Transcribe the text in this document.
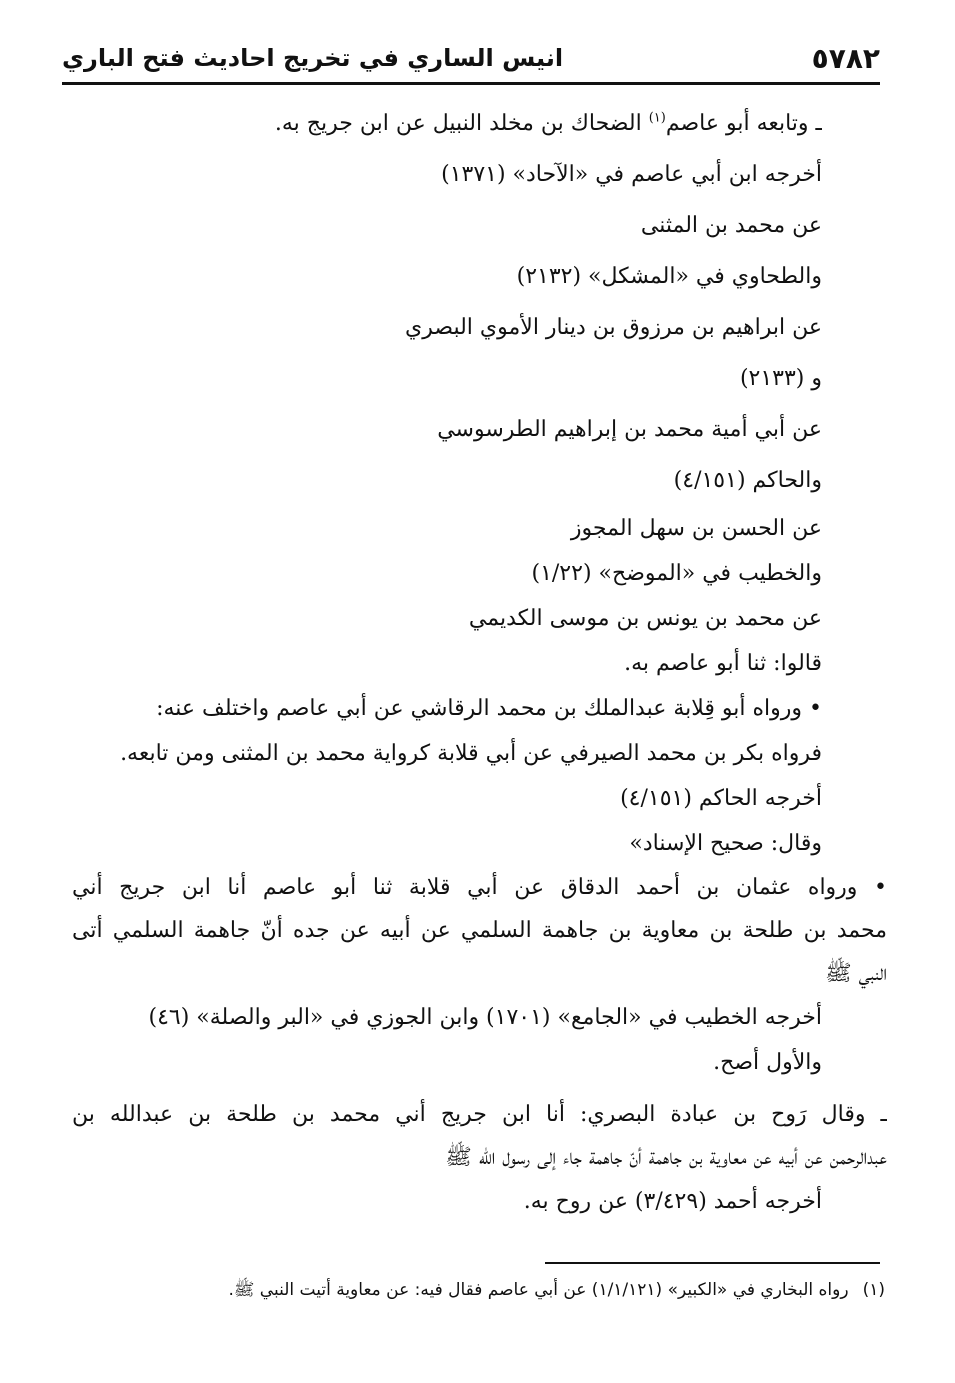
٥٧٨٢
انيس الساري في تخريج احاديث فتح الباري
ـ وتابعه أبو عاصم$^{(١)}$ الضحاك بن مخلد النبيل عن ابن جريج به.
أخرجه ابن أبي عاصم في «الآحاد» (١٣٧١)
عن محمد بن المثنى
والطحاوي في «المشكل» (٢١٣٢)
عن ابراهيم بن مرزوق بن دينار الأموي البصري
و (٢١٣٣)
عن أبي أمية محمد بن إبراهيم الطرسوسي
والحاكم (٤/١٥١)
عن الحسن بن سهل المجوز
والخطيب في «الموضح» (١/٢٢)
عن محمد بن يونس بن موسى الكديمي
قالوا: ثنا أبو عاصم به.
• ورواه أبو قِلابة عبدالملك بن محمد الرقاشي عن أبي عاصم واختلف عنه:
فرواه بكر بن محمد الصيرفي عن أبي قلابة كرواية محمد بن المثنى ومن تابعه.
أخرجه الحاكم (٤/١٥١)
وقال: صحيح الإسناد»
• ورواه عثمان بن أحمد الدقاق عن أبي قلابة ثنا أبو عاصم أنا ابن جريج أني
محمد بن طلحة بن معاوية بن جاهمة السلمي عن أبيه عن جده أنّ جاهمة السلمي أتى
النبي ﷺ
أخرجه الخطيب في «الجامع» (١٧٠١) وابن الجوزي في «البر والصلة» (٤٦)
والأول أصح.
ـ وقال رَوح بن عبادة البصري: أنا ابن جريج أني محمد بن طلحة بن عبدالله بن
عبدالرحمن عن أبيه عن معاوية بن جاهمة أنّ جاهمة جاء إلى رسول الله ﷺ
أخرجه أحمد (٣/٤٢٩) عن روح به.
(١)رواه البخاري في «الكبير» (١/١/١٢١) عن أبي عاصم فقال فيه: عن معاوية أتيت النبي ﷺ.
